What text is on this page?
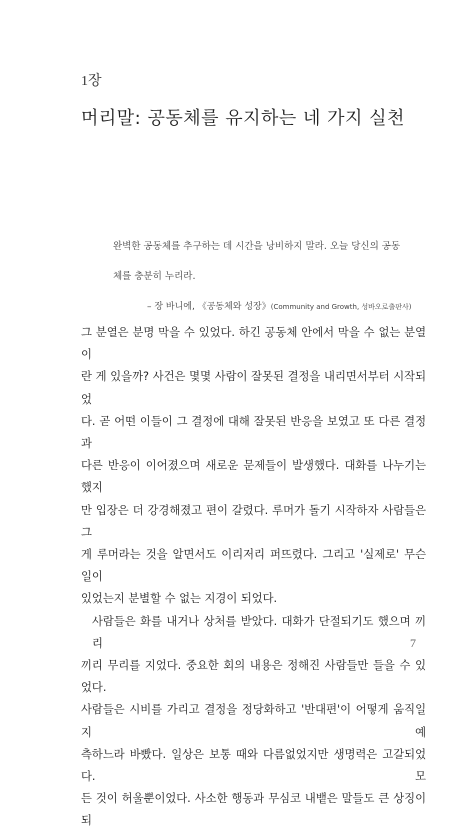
1장
머리말: 공동체를 유지하는 네 가지 실천
완벽한 공동체를 추구하는 데 시간을 낭비하지 말라. 오늘 당신의 공동
체를 충분히 누리라.
– 장 바니에, 《공동체와 성장》(Community and Growth, 성바오로출판사)
그 분열은 분명 막을 수 있었다. 하긴 공동체 안에서 막을 수 없는 분열이
란 게 있을까? 사건은 몇몇 사람이 잘못된 결정을 내리면서부터 시작되었
다. 곧 어떤 이들이 그 결정에 대해 잘못된 반응을 보였고 또 다른 결정과
다른 반응이 이어졌으며 새로운 문제들이 발생했다. 대화를 나누기는 했지
만 입장은 더 강경해졌고 편이 갈렸다. 루머가 돌기 시작하자 사람들은 그
게 루머라는 것을 알면서도 이리저리 퍼뜨렸다. 그리고 '실제로' 무슨 일이
있었는지 분별할 수 없는 지경이 되었다.
사람들은 화를 내거나 상처를 받았다. 대화가 단절되기도 했으며 끼리
끼리 무리를 지었다. 중요한 회의 내용은 정해진 사람들만 들을 수 있었다.
사람들은 시비를 가리고 결정을 정당화하고 '반대편'이 어떻게 움직일지 예
측하느라 바빴다. 일상은 보통 때와 다름없었지만 생명력은 고갈되었다. 모
든 것이 허울뿐이었다. 사소한 행동과 무심코 내뱉은 말들도 큰 상징이 되
7
